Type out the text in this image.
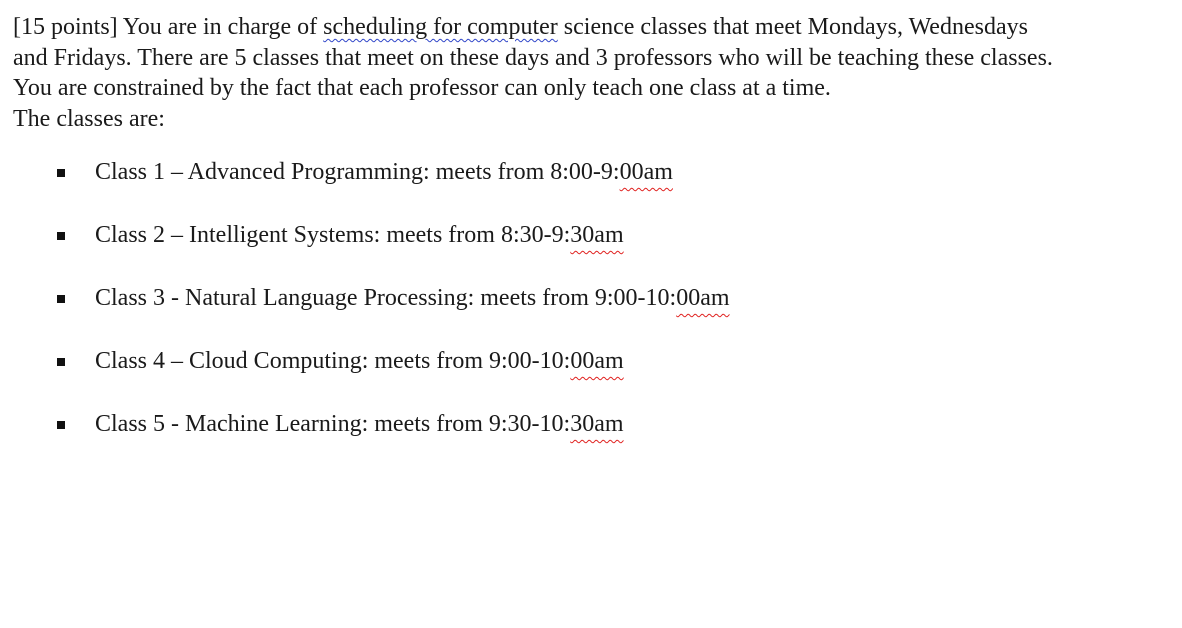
[15 points] You are in charge of scheduling for computer science classes that meet Mondays, Wednesdays
and Fridays. There are 5 classes that meet on these days and 3 professors who will be teaching these classes.
You are constrained by the fact that each professor can only teach one class at a time.

The classes are:

Class 1 – Advanced Programming: meets from 8:00-9:00am
Class 2 – Intelligent Systems: meets from 8:30-9:30am
Class 3 - Natural Language Processing: meets from 9:00-10:00am
Class 4 – Cloud Computing: meets from 9:00-10:00am
Class 5 - Machine Learning: meets from 9:30-10:30am
